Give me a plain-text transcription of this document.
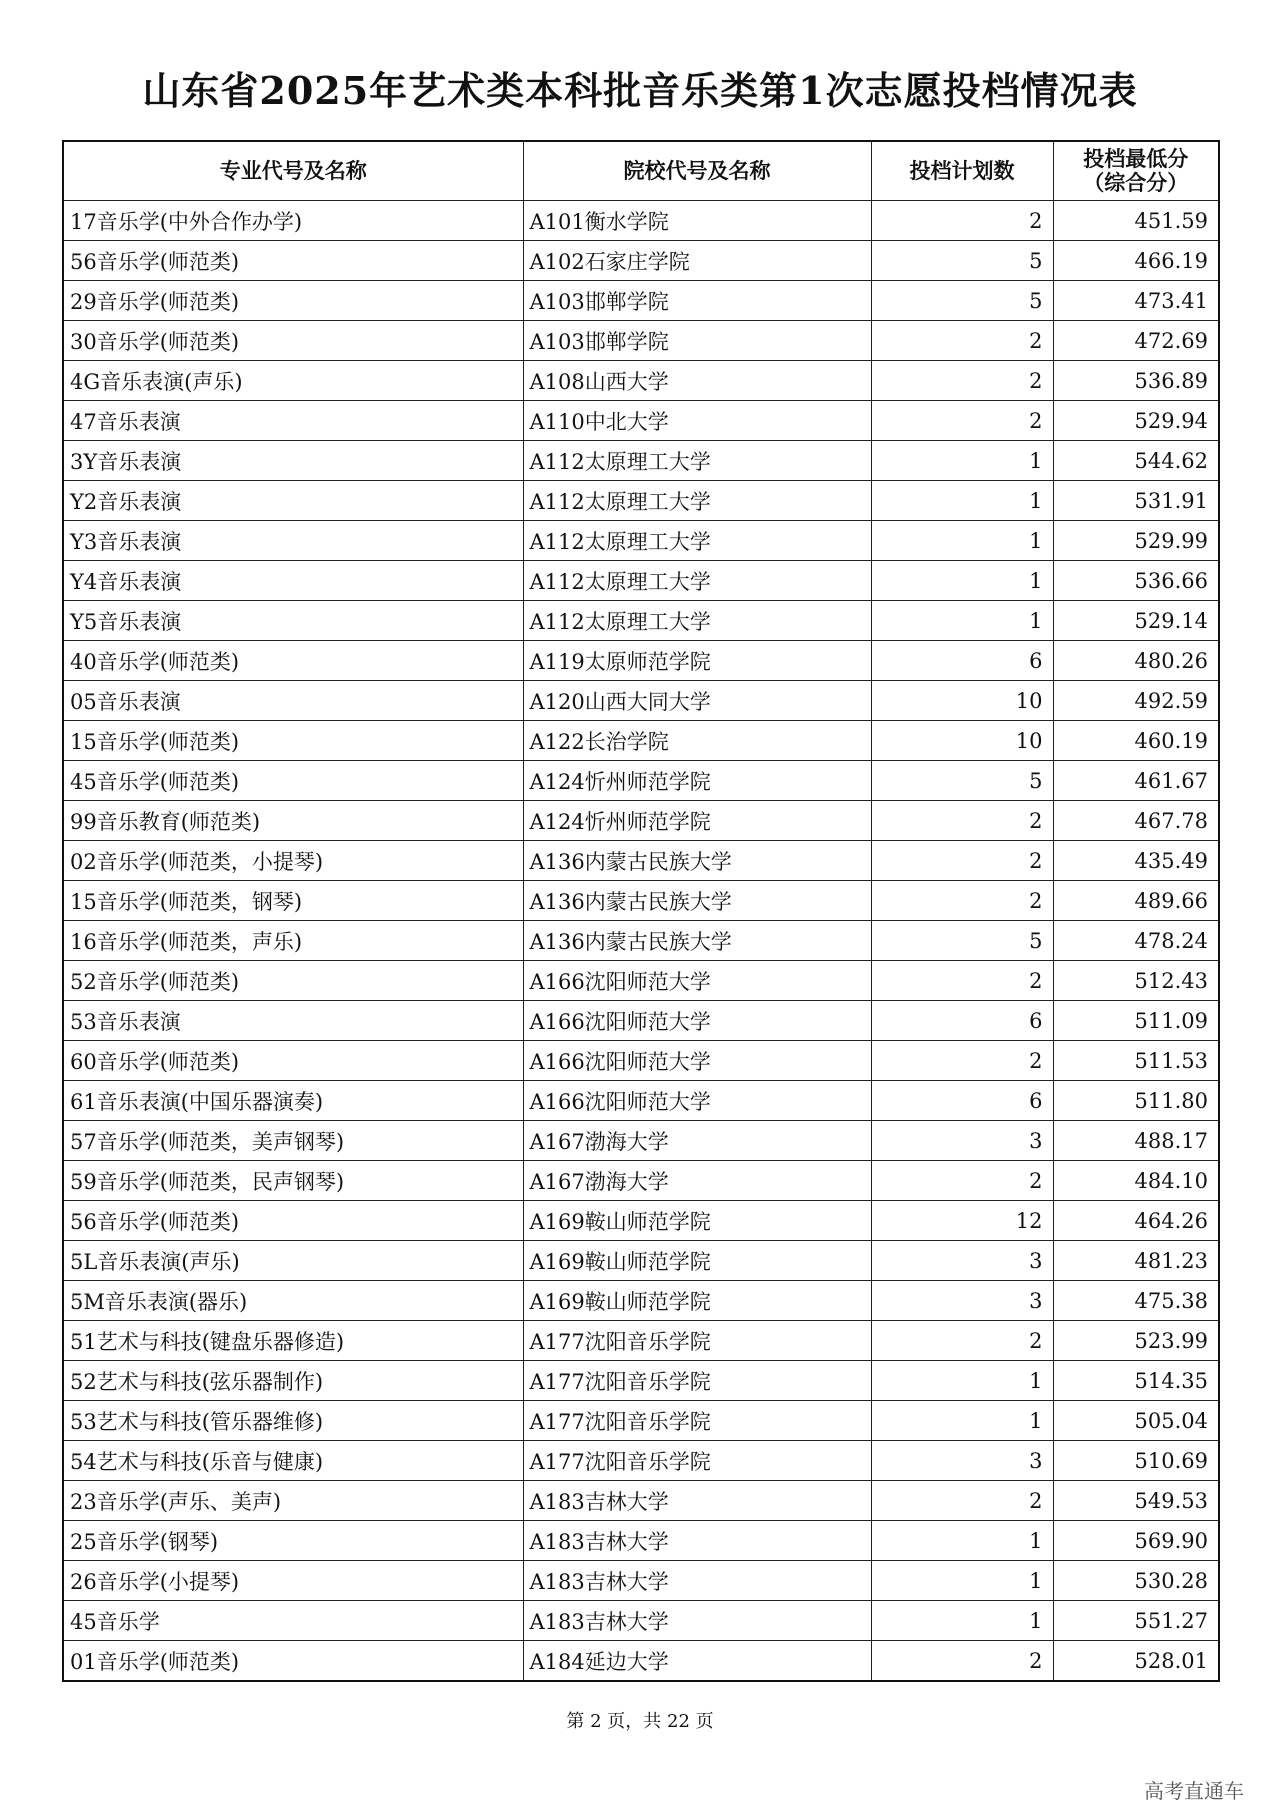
山东省2025年艺术类本科批音乐类第1次志愿投档情况表
专业代号及名称	院校代号及名称	投档计划数	投档最低分
（综合分）

17音乐学(中外合作办学)	A101衡水学院	2	451.59
56音乐学(师范类)	A102石家庄学院	5	466.19
29音乐学(师范类)	A103邯郸学院	5	473.41
30音乐学(师范类)	A103邯郸学院	2	472.69
4G音乐表演(声乐)	A108山西大学	2	536.89
47音乐表演	A110中北大学	2	529.94
3Y音乐表演	A112太原理工大学	1	544.62
Y2音乐表演	A112太原理工大学	1	531.91
Y3音乐表演	A112太原理工大学	1	529.99
Y4音乐表演	A112太原理工大学	1	536.66
Y5音乐表演	A112太原理工大学	1	529.14
40音乐学(师范类)	A119太原师范学院	6	480.26
05音乐表演	A120山西大同大学	10	492.59
15音乐学(师范类)	A122长治学院	10	460.19
45音乐学(师范类)	A124忻州师范学院	5	461.67
99音乐教育(师范类)	A124忻州师范学院	2	467.78
02音乐学(师范类，小提琴)	A136内蒙古民族大学	2	435.49
15音乐学(师范类，钢琴)	A136内蒙古民族大学	2	489.66
16音乐学(师范类，声乐)	A136内蒙古民族大学	5	478.24
52音乐学(师范类)	A166沈阳师范大学	2	512.43
53音乐表演	A166沈阳师范大学	6	511.09
60音乐学(师范类)	A166沈阳师范大学	2	511.53
61音乐表演(中国乐器演奏)	A166沈阳师范大学	6	511.80
57音乐学(师范类，美声钢琴)	A167渤海大学	3	488.17
59音乐学(师范类，民声钢琴)	A167渤海大学	2	484.10
56音乐学(师范类)	A169鞍山师范学院	12	464.26
5L音乐表演(声乐)	A169鞍山师范学院	3	481.23
5M音乐表演(器乐)	A169鞍山师范学院	3	475.38
51艺术与科技(键盘乐器修造)	A177沈阳音乐学院	2	523.99
52艺术与科技(弦乐器制作)	A177沈阳音乐学院	1	514.35
53艺术与科技(管乐器维修)	A177沈阳音乐学院	1	505.04
54艺术与科技(乐音与健康)	A177沈阳音乐学院	3	510.69
23音乐学(声乐、美声)	A183吉林大学	2	549.53
25音乐学(钢琴)	A183吉林大学	1	569.90
26音乐学(小提琴)	A183吉林大学	1	530.28
45音乐学	A183吉林大学	1	551.27
01音乐学(师范类)	A184延边大学	2	528.01
第 2 页，共 22 页
高考直通车
